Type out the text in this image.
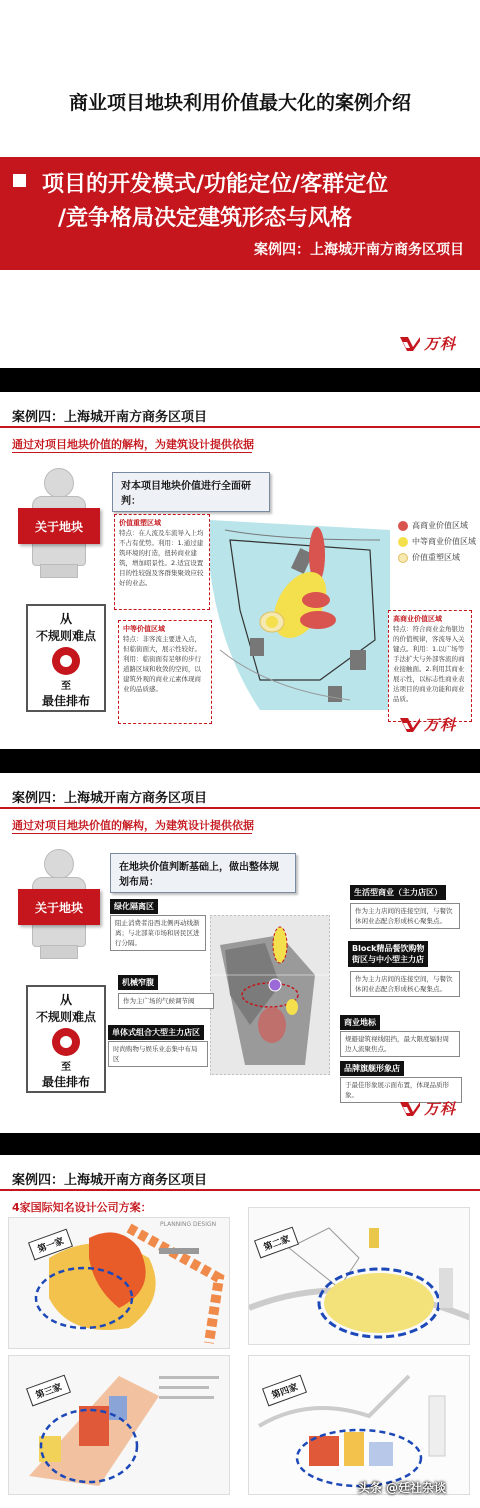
商业项目地块利用价值最大化的案例介绍
项目的开发模式/功能定位/客群定位
/竞争格局决定建筑形态与风格
案例四：上海城开南方商务区项目
万科
案例四：上海城开南方商务区项目
通过对项目地块价值的解构，为建筑设计提供依据
关于地块
从
不规则难点
至
最佳排布
对本项目地块价值进行全面研判：
高商业价值区域
中等商业价值区域
价值重塑区域
价值重塑区域
特点：在人流及车流导入上均不占有优势。利用：1.通过建筑环境的打造，扭转商业建筑，增加昭景性。2.适宜设置目的性较强及客群集聚效应较好的业态。
中等价值区域
特点：非客流主要进入点，但临街面大，展示性较好。利用：临街面有足够的步行道路区域和收敛的空间，以建筑外观的商业元素体现商业的品质感。
高商业价值区域
特点：符合商业金角银边的价值规律，客流导入关键点。利用：1.以广场等手法扩大与外部客流的商业接触面。2.利用其商业展示性，以标志性商业表达项目的商业功能和商业品质。
万科
案例四：上海城开南方商务区项目
通过对项目地块价值的解构，为建筑设计提供依据
关于地块
从
不规则难点
至
最佳排布
在地块价值判断基础上，做出整体规划布局：
绿化隔离区
阻止消费者沿西北侧再动线渐离；与北部菜市场和居民区进行分隔。
机械窄腹
作为主广场的气候调节阀
单体式组合大型主力店区
时尚购物与娱乐业态集中布局区
生活型商业（主力店区）
作为主力店间的连接空间，与餐饮休闲业态配合形成核心聚集点。
Block精品餐饮购物
街区与中小型主力店
作为主力店间的连接空间，与餐饮休闲业态配合形成核心聚集点。
商业地标
规避建筑视线阻挡，最大限度辐射周边人流聚焦点。
品牌旗舰形象店
于最佳形象展示面布置，体现品质形象。
万科
案例四：上海城开南方商务区项目
4家国际知名设计公司方案：
第一家
PLANNING DESIGN
第二家
第三家	第四家
头条 @廷社杂谈
